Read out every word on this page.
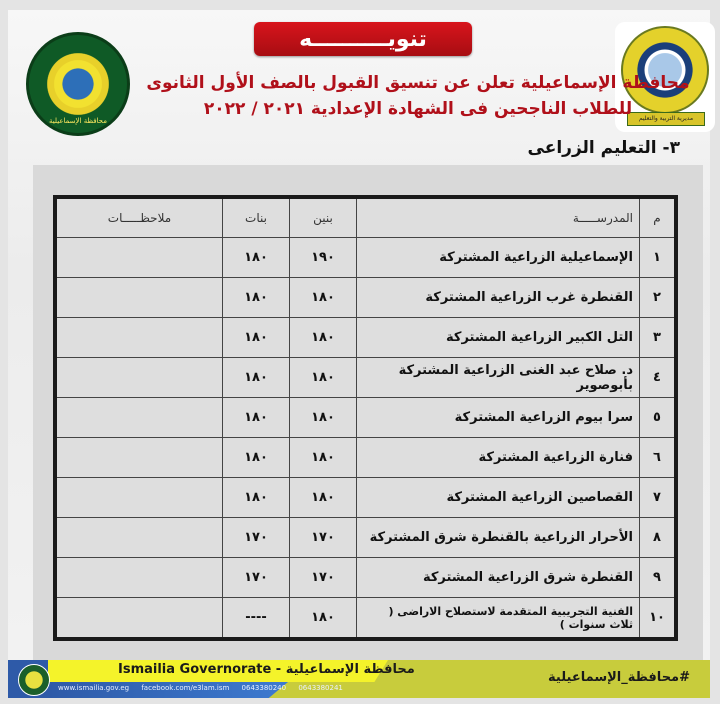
تنويــــــــــه
محافظة الإسماعيلية	مديرية التربية والتعليم
محافظة الإسماعيلية تعلن عن تنسيق القبول بالصف الأول الثانوى
للطلاب الناجحين فى الشهادة الإعدادية ٢٠٢١ / ٢٠٢٢
٣- التعليم الزراعى
م	المدرســـــة	بنين	بنات	ملاحظـــــات
١	الإسماعيلية الزراعية المشتركة	١٩٠	١٨٠	
٢	القنطرة غرب الزراعية المشتركة	١٨٠	١٨٠	
٣	التل الكبير الزراعية المشتركة	١٨٠	١٨٠	
٤	د. صلاح عبد الغنى الزراعية المشتركة بأبوصوير	١٨٠	١٨٠	
٥	سرا بيوم الزراعية المشتركة	١٨٠	١٨٠	
٦	فنارة الزراعية المشتركة	١٨٠	١٨٠	
٧	القصاصين الزراعية المشتركة	١٨٠	١٨٠	
٨	الأحرار الزراعية بالقنطرة شرق المشتركة	١٧٠	١٧٠	
٩	القنطرة شرق الزراعية المشتركة	١٧٠	١٧٠	
١٠	الفنية التجريبية المتقدمة لاستصلاح الاراضى ( ثلاث سنوات )	١٨٠	----	
Ismailia Governorate - محافظة الإسماعيلية
www.ismailia.gov.eg facebook.com/e3lam.ism 0643380240 0643380241
#محافظة_الإسماعيلية
